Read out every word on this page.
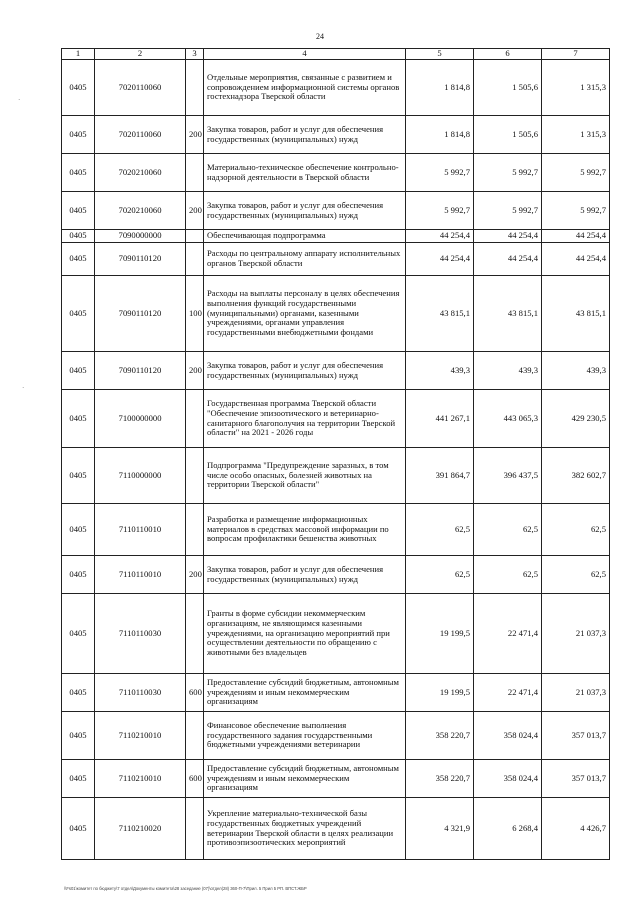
24
·
·
1	2	3	4	5	6	7
0405	7020110060		Отдельные мероприятия, связанные с развитием и сопровождением информационной системы органов гостехнадзора Тверской области	1 814,8	1 505,6	1 315,3
0405	7020110060	200	Закупка товаров, работ и услуг для обеспечения государственных (муниципальных) нужд	1 814,8	1 505,6	1 315,3
0405	7020210060		Материально-техническое обеспечение контрольно-надзорной деятельности в Тверской области	5 992,7	5 992,7	5 992,7
0405	7020210060	200	Закупка товаров, работ и услуг для обеспечения государственных (муниципальных) нужд	5 992,7	5 992,7	5 992,7
0405	7090000000		Обеспечивающая подпрограмма	44 254,4	44 254,4	44 254,4
0405	7090110120		Расходы по центральному аппарату исполнительных органов Тверской области	44 254,4	44 254,4	44 254,4
0405	7090110120	100	Расходы на выплаты персоналу в целях обеспечения выполнения функций государственными (муниципальными) органами, казенными учреждениями, органами управления государственными внебюджетными фондами	43 815,1	43 815,1	43 815,1
0405	7090110120	200	Закупка товаров, работ и услуг для обеспечения государственных (муниципальных) нужд	439,3	439,3	439,3
0405	7100000000		Государственная программа Тверской области "Обеспечение эпизоотического и ветеринарно-санитарного благополучия на территории Тверской области" на 2021 - 2026 годы	441 267,1	443 065,3	429 230,5
0405	7110000000		Подпрограмма "Предупреждение заразных, в том числе особо опасных, болезней животных на территории Тверской области"	391 864,7	396 437,5	382 602,7
0405	7110110010		Разработка и размещение информационных материалов в средствах массовой информации по вопросам профилактики бешенства животных	62,5	62,5	62,5
0405	7110110010	200	Закупка товаров, работ и услуг для обеспечения государственных (муниципальных) нужд	62,5	62,5	62,5
0405	7110110030		Гранты в форме субсидии некоммерческим организациям, не являющимся казенными учреждениями, на организацию мероприятий при осуществлении деятельности по обращению с животными без владельцев	19 199,5	22 471,4	21 037,3
0405	7110110030	600	Предоставление субсидий бюджетным, автономным учреждениям и иным некоммерческим организациям	19 199,5	22 471,4	21 037,3
0405	7110210010		Финансовое обеспечение выполнения государственного задания государственными бюджетными учреждениями ветеринарии	358 220,7	358 024,4	357 013,7
0405	7110210010	600	Предоставление субсидий бюджетным, автономным учреждениям и иным некоммерческим организациям	358 220,7	358 024,4	357 013,7
0405	7110210020		Укрепление материально-технической базы государственных бюджетных учреждений ветеринарии Тверской области в целях реализации противоэпизоотических мероприятий	4 321,9	6 268,4	4 426,7
\\Fs01\комитет по бюджету\7 отдел\Документы комитета\28 заседание (07)\отдел(28) 360-П-7\Прил. 5 Прил 5 РП. ВПСТ.ЖБР
